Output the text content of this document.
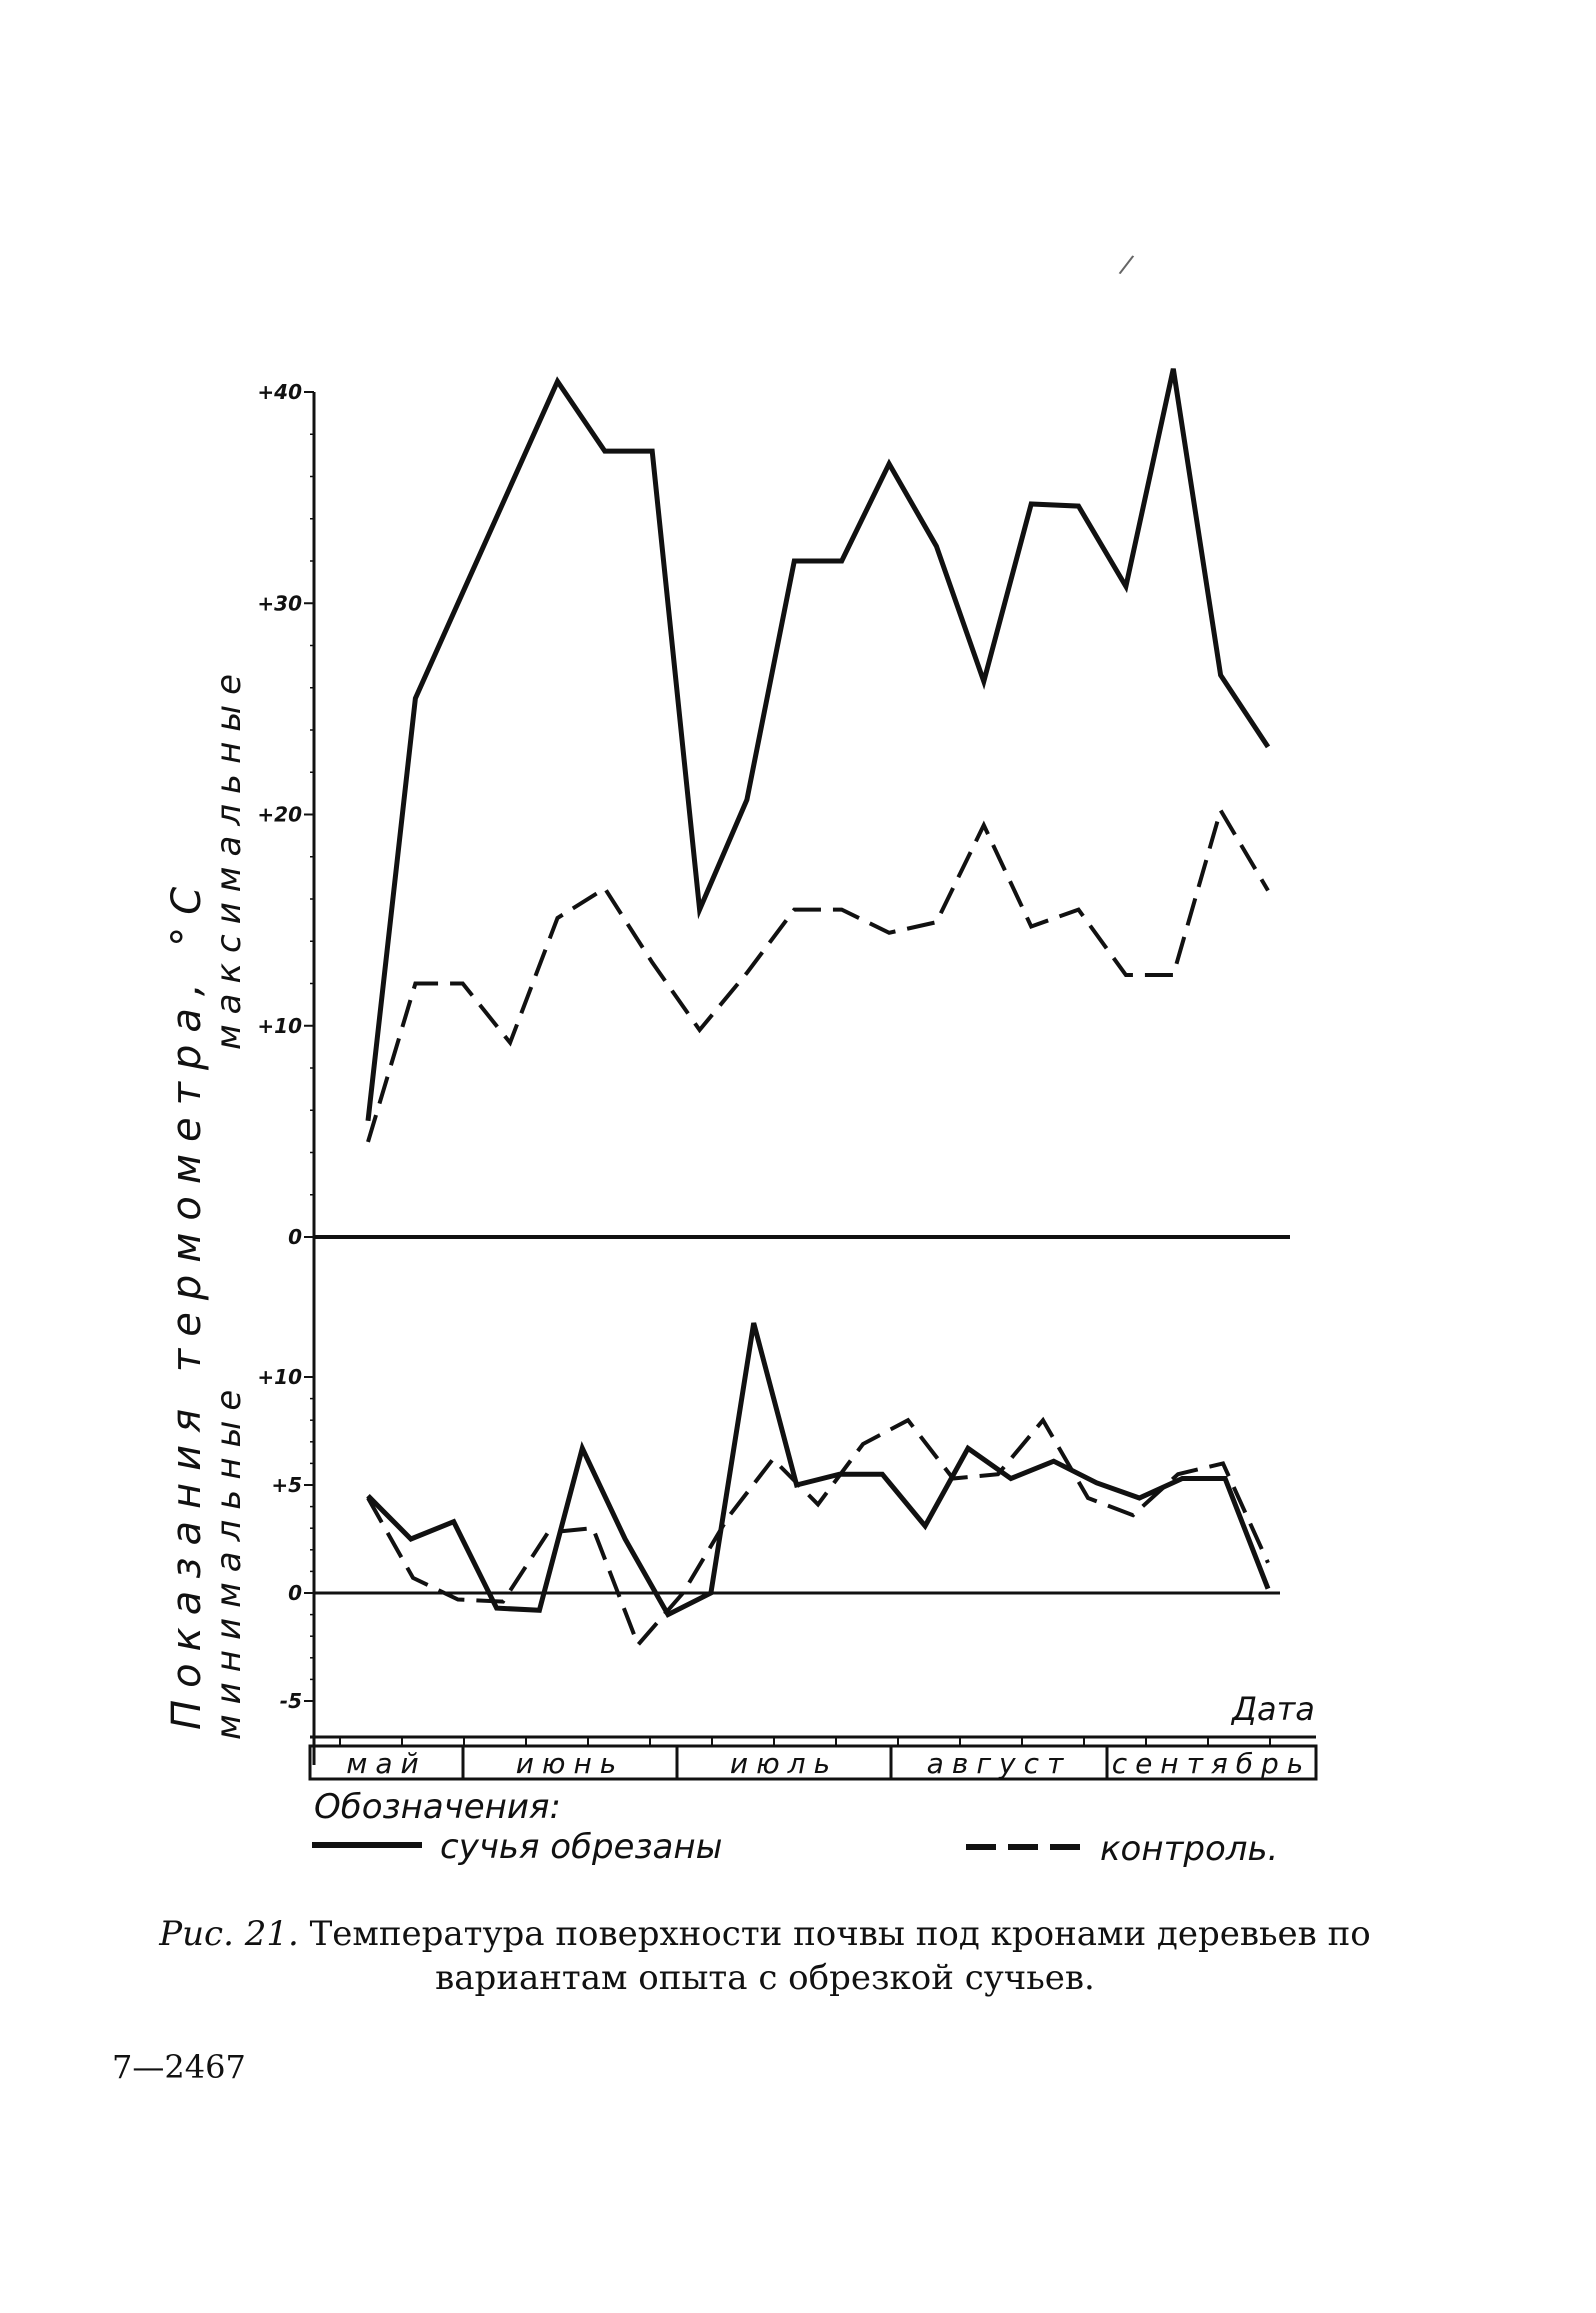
0
+10
+20
+30
+40
-5
0
+5
+10
Показания термометра, °C
максимальные
минимальные	Дата
май	июнь	июль	август сентябрь
Обозначения:
сучья обрезаны	контроль.
Рис. 21. Температура поверхности почвы под кронами деревьев по вариантам опыта с обрезкой сучьев.
7—2467
/
